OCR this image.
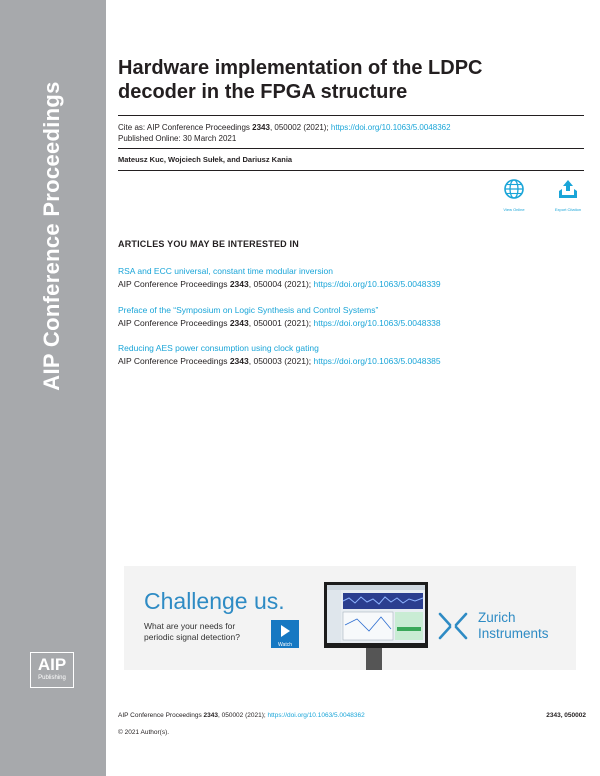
AIP Conference Proceedings
AIP
Publishing
Hardware implementation of the LDPC
decoder in the FPGA structure
Cite as: AIP Conference Proceedings 2343, 050002 (2021); https://doi.org/10.1063/5.0048362
Published Online: 30 March 2021
Mateusz Kuc, Wojciech Sułek, and Dariusz Kania
View Online	Export Citation
ARTICLES YOU MAY BE INTERESTED IN
RSA and ECC universal, constant time modular inversion
AIP Conference Proceedings 2343, 050004 (2021); https://doi.org/10.1063/5.0048339
Preface of the “Symposium on Logic Synthesis and Control Systems”
AIP Conference Proceedings 2343, 050001 (2021); https://doi.org/10.1063/5.0048338
Reducing AES power consumption using clock gating
AIP Conference Proceedings 2343, 050003 (2021); https://doi.org/10.1063/5.0048385
Challenge us.
What are your needs for
periodic signal detection?
Watch
Zurich
Instruments
AIP Conference Proceedings 2343, 050002 (2021); https://doi.org/10.1063/5.0048362	2343, 050002
© 2021 Author(s).
